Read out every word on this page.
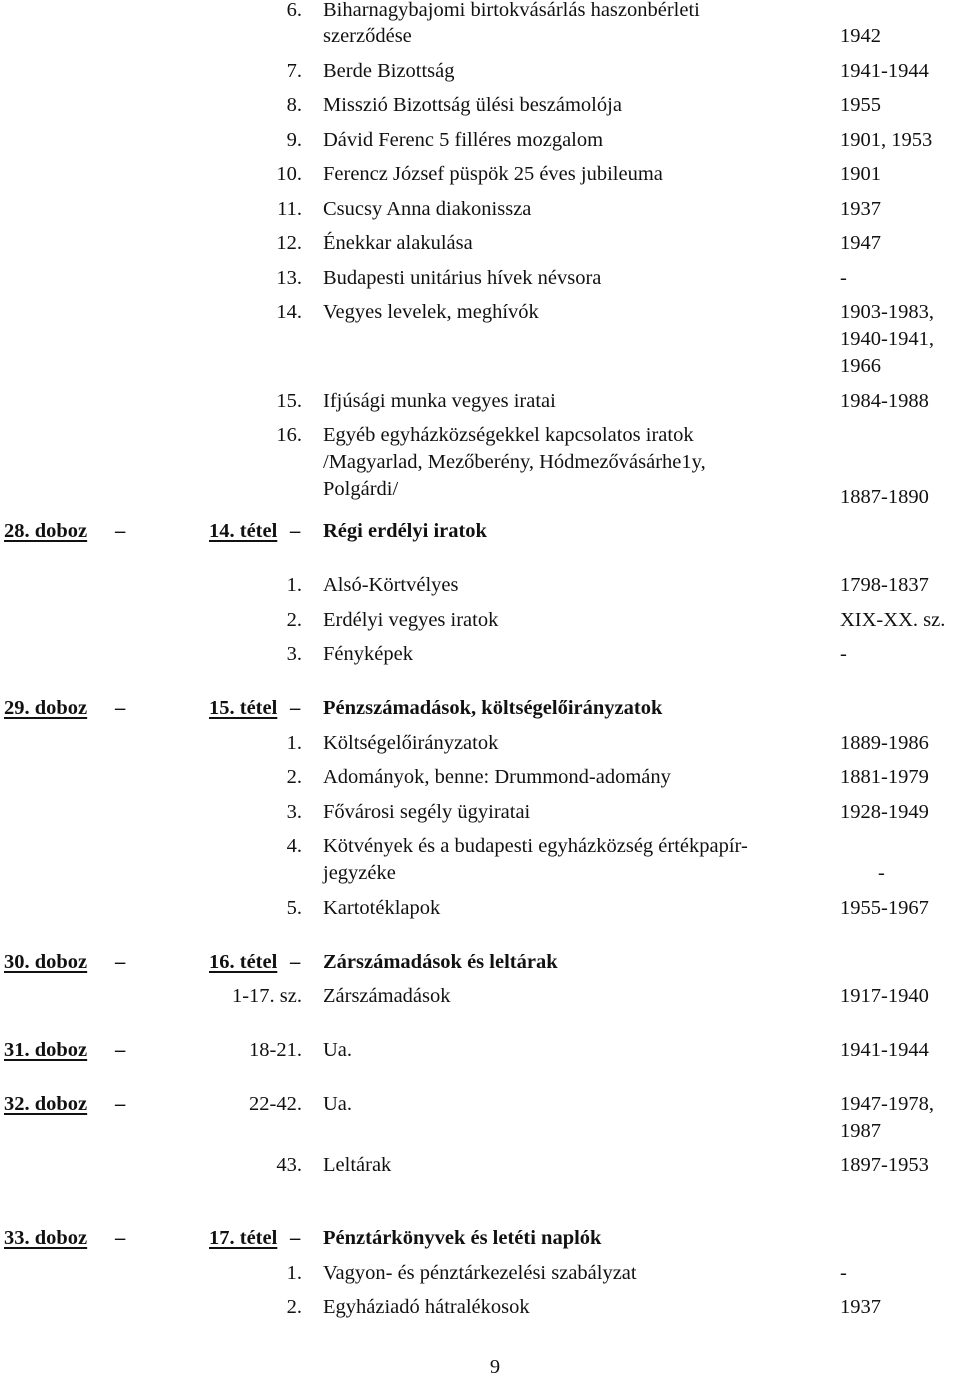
6. Biharnagybajomi birtokvásárlás haszonbérleti
szerződése	1942
7. Berde Bizottság	1941-1944
8. Misszió Bizottság ülési beszámolója	1955
9. Dávid Ferenc 5 filléres mozgalom	1901, 1953
10. Ferencz József püspök 25 éves jubileuma	1901
11. Csucsy Anna diakonissza	1937
12. Énekkar alakulása	1947
13. Budapesti unitárius hívek névsora	-
14. Vegyes levelek, meghívók	1903-1983,
1940-1941,
1966
15. Ifjúsági munka vegyes iratai	1984-1988
16. Egyéb egyházközségekkel kapcsolatos iratok
/Magyarlad, Mezőberény, Hódmezővásárhe1y,
Polgárdi/	1887-1890
28. doboz –	14. tétel – Régi erdélyi iratok
1. Alsó-Körtvélyes	1798-1837
2. Erdélyi vegyes iratok	XIX-XX. sz.
3. Fényképek	-
29. doboz –	15. tétel – Pénzszámadások, költségelőirányzatok
1. Költségelőirányzatok	1889-1986
2. Adományok, benne: Drummond-adomány	1881-1979
3. Fővárosi segély ügyiratai	1928-1949
4. Kötvények és a budapesti egyházközség értékpapír-
jegyzéke	-
5. Kartotéklapok	1955-1967
30. doboz –	16. tétel – Zárszámadások és leltárak
1-17. sz. Zárszámadások	1917-1940
31. doboz –	18-21. Ua.	1941-1944
32. doboz –	22-42. Ua.	1947-1978,
1987
43. Leltárak	1897-1953
33. doboz –	17. tétel – Pénztárkönyvek és letéti naplók
1. Vagyon- és pénztárkezelési szabályzat	-
2. Egyháziadó hátralékosok	1937
9
